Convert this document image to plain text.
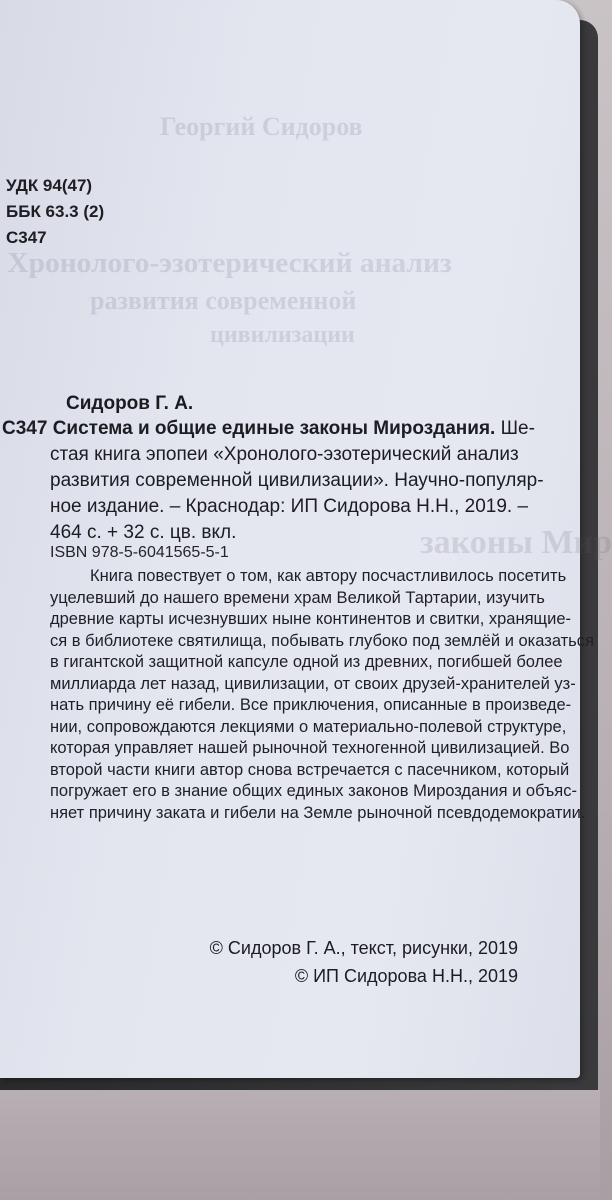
Георгий Сидоров
Хронолого-эзотерический анализ
развития современной
цивилизации
законы Мир
УДК 94(47)
ББК 63.3 (2)
С347
Сидоров Г. А.
С347 Система и общие единые законы Мироздания. Ше-
стая книга эпопеи «Хронолого-эзотерический анализ
развития современной цивилизации». Научно-популяр-
ное издание. – Краснодар: ИП Сидорова Н.Н., 2019. –
464 с. + 32 с. цв. вкл.
ISBN 978-5-6041565-5-1
Книга повествует о том, как автору посчастливилось посетить
уцелевший до нашего времени храм Великой Тартарии, изучить
древние карты исчезнувших ныне континентов и свитки, хранящие-
ся в библиотеке святилища, побывать глубоко под землёй и оказаться
в гигантской защитной капсуле одной из древних, погибшей более
миллиарда лет назад, цивилизации, от своих друзей-хранителей уз-
нать причину её гибели. Все приключения, описанные в произведе-
нии, сопровождаются лекциями о материально-полевой структуре,
которая управляет нашей рыночной техногенной цивилизацией. Во
второй части книги автор снова встречается с пасечником, который
погружает его в знание общих единых законов Мироздания и объяс-
няет причину заката и гибели на Земле рыночной псевдодемократии.
© Сидоров Г. А., текст, рисунки, 2019
© ИП Сидорова Н.Н., 2019
